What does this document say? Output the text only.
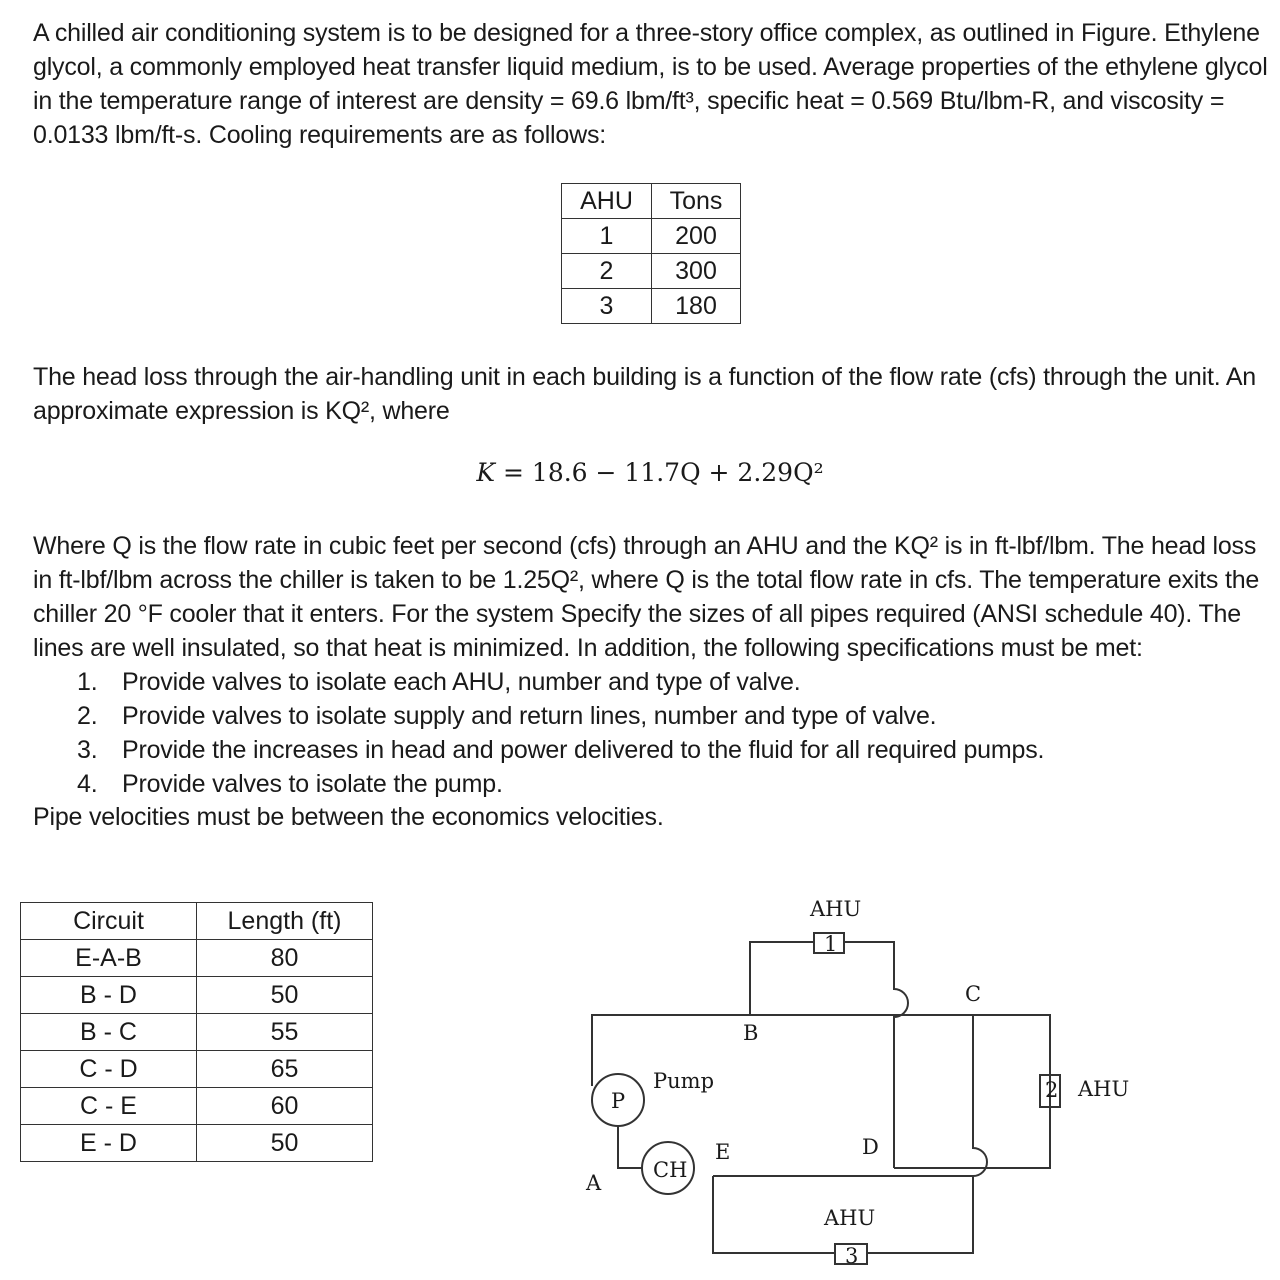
A chilled air conditioning system is to be designed for a three-story office complex, as outlined in Figure. Ethylene glycol, a commonly employed heat transfer liquid medium, is to be used. Average properties of the ethylene glycol in the temperature range of interest are density = 69.6 lbm/ft³, specific heat = 0.569 Btu/lbm-R, and viscosity = 0.0133 lbm/ft-s. Cooling requirements are as follows:
AHU	Tons
1	200
2	300
3	180
The head loss through the air-handling unit in each building is a function of the flow rate (cfs) through the unit. An approximate expression is KQ², where
K = 18.6 − 11.7Q + 2.29Q²
Where Q is the flow rate in cubic feet per second (cfs) through an AHU and the KQ² is in ft-lbf/lbm. The head loss in ft-lbf/lbm across the chiller is taken to be 1.25Q², where Q is the total flow rate in cfs. The temperature exits the chiller 20 °F cooler that it enters. For the system Specify the sizes of all pipes required (ANSI schedule 40). The lines are well insulated, so that heat is minimized. In addition, the following specifications must be met:
1. Provide valves to isolate each AHU, number and type of valve.
2. Provide valves to isolate supply and return lines, number and type of valve.
3. Provide the increases in head and power delivered to the fluid for all required pumps.
4. Provide valves to isolate the pump.
Pipe velocities must be between the economics velocities.
Circuit	Length (ft)
E-A-B	80
B - D	50
B - C	55
C - D	65
C - E	60
E - D	50
AHU
1
2 AHU
AHU
3
Pump
P
CH
A
B
C
D
E
